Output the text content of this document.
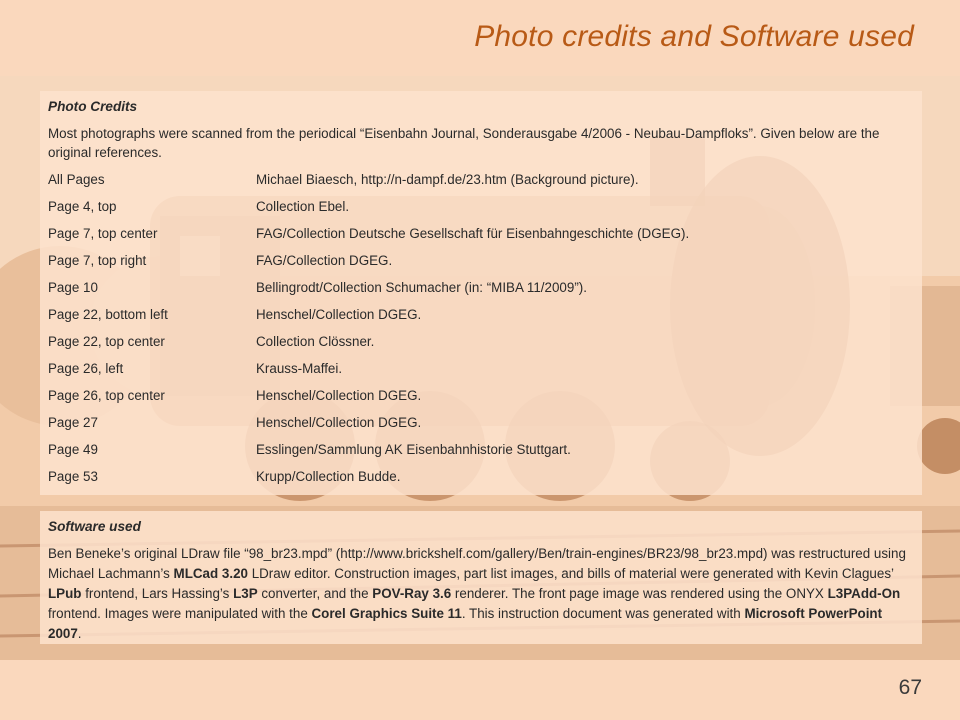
Photo credits and Software used
Photo Credits
Most photographs were scanned from the periodical “Eisenbahn Journal, Sonderausgabe 4/2006 - Neubau-Dampfloks”. Given below are the original references.
All Pages	Michael Biaesch, http://n-dampf.de/23.htm (Background picture).
Page 4, top	Collection Ebel.
Page 7, top center	FAG/Collection Deutsche Gesellschaft für Eisenbahngeschichte (DGEG).
Page 7, top right	FAG/Collection DGEG.
Page 10	Bellingrodt/Collection Schumacher (in: “MIBA 11/2009”).
Page 22, bottom left	Henschel/Collection DGEG.
Page 22, top center	Collection Clössner.
Page 26, left	Krauss-Maffei.
Page 26, top center	Henschel/Collection DGEG.
Page 27	Henschel/Collection DGEG.
Page 49	Esslingen/Sammlung AK Eisenbahnhistorie Stuttgart.
Page 53	Krupp/Collection Budde.
Software used

Ben Beneke’s original LDraw file “98_br23.mpd” (http://www.brickshelf.com/gallery/Ben/train-engines/BR23/98_br23.mpd) was restructured using Michael Lachmann’s MLCad 3.20 LDraw editor. Construction images, part list images, and bills of material were generated with Kevin Clagues’ LPub frontend, Lars Hassing’s L3P converter, and the POV-Ray 3.6 renderer. The front page image was rendered using the ONYX L3PAdd-On frontend. Images were manipulated with the Corel Graphics Suite 11. This instruction document was generated with Microsoft PowerPoint 2007.

67
